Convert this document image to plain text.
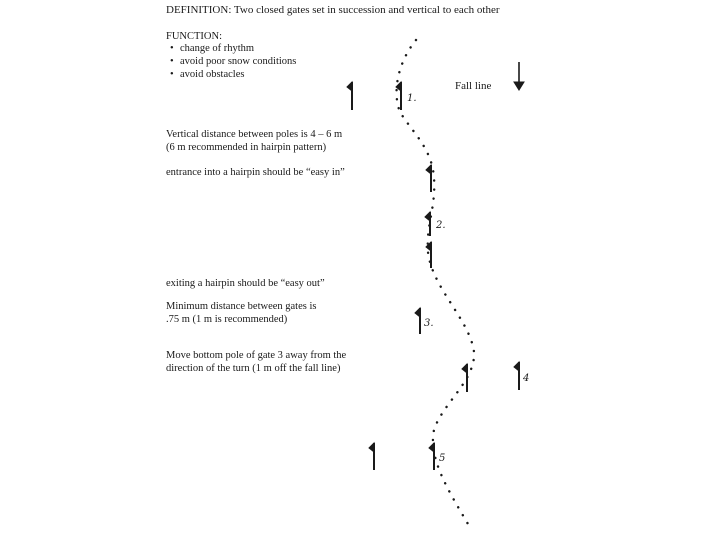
DEFINITION: Two closed gates set in succession and vertical to each other
FUNCTION:
• change of rhythm
• avoid poor snow conditions
• avoid obstacles
Fall line
Vertical distance between poles is 4 – 6 m
(6 m recommended in hairpin pattern)
entrance into a hairpin should be “easy in”
exiting a hairpin should be “easy out”
Minimum distance between gates is
.75 m (1 m is recommended)
Move bottom pole of gate 3 away from the
direction of the turn (1 m off the fall line)
1.
2.
3.
4
5
